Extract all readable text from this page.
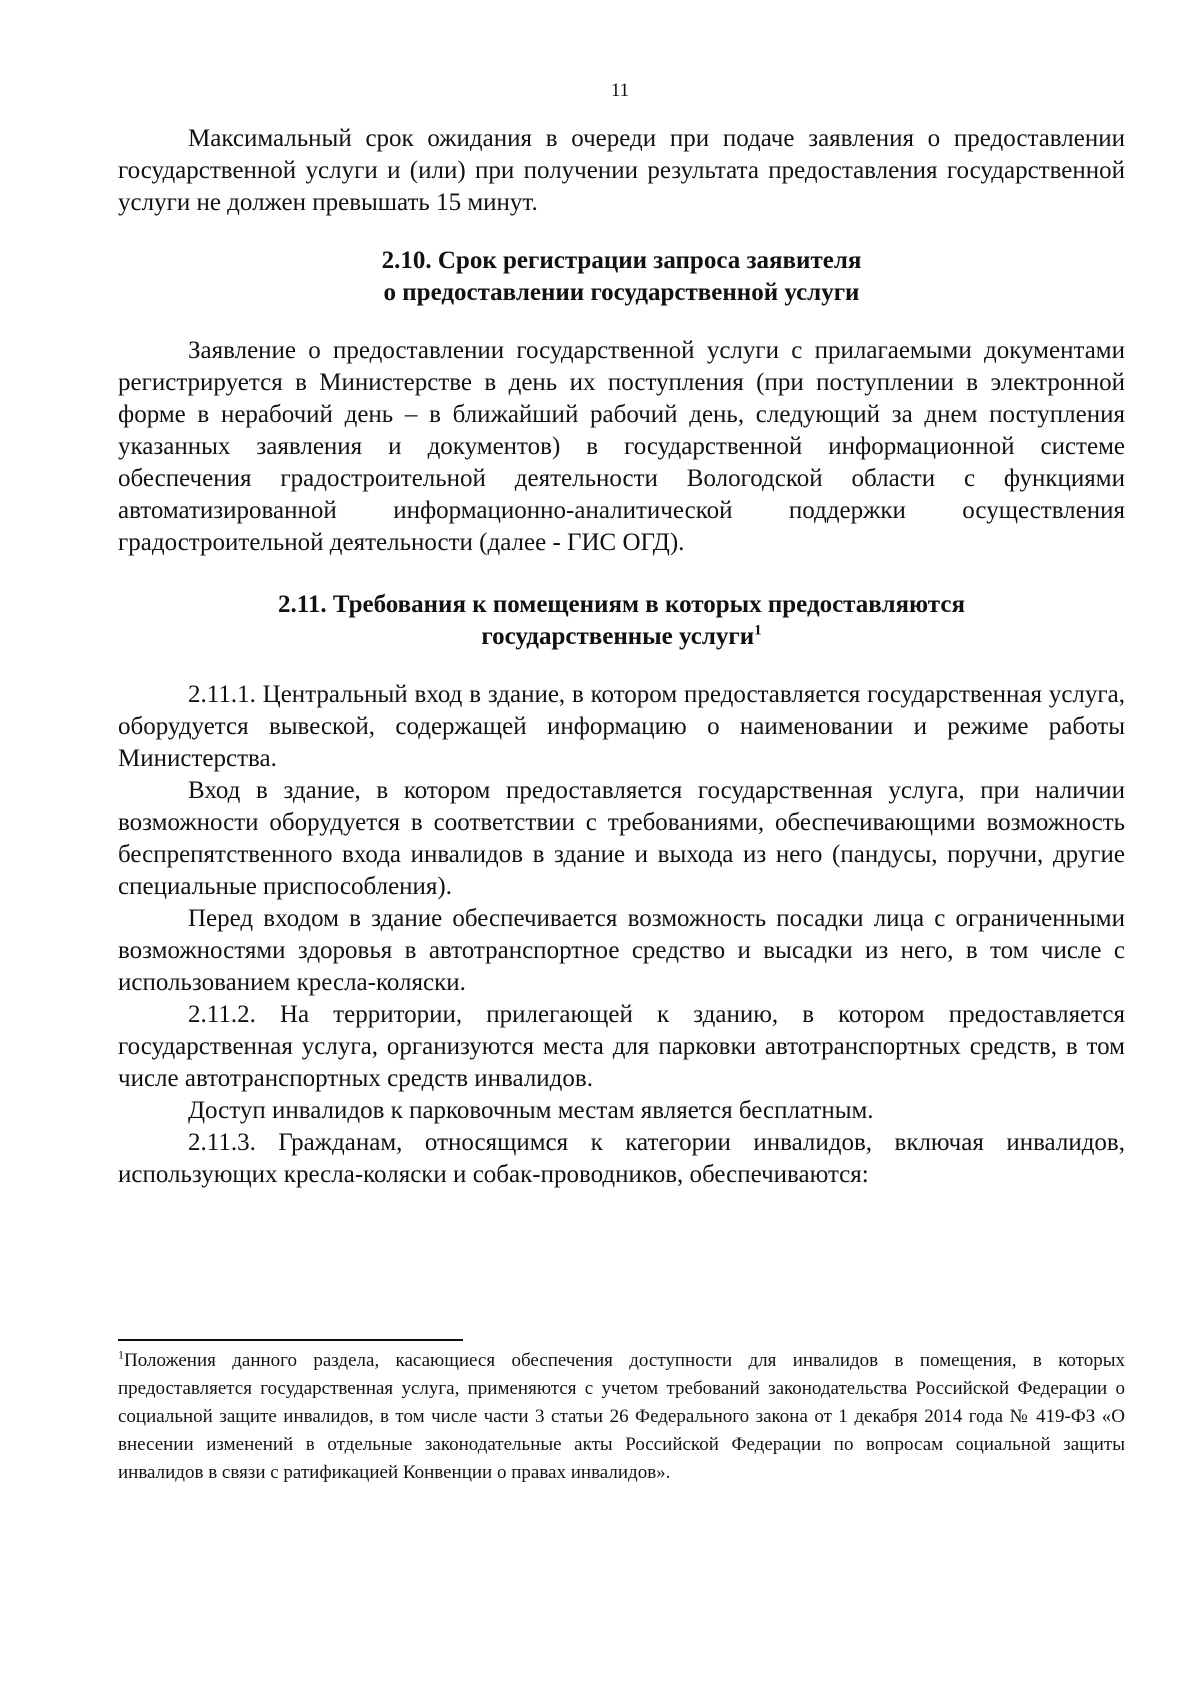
11

Максимальный срок ожидания в очереди при подаче заявления о предоставлении государственной услуги и (или) при получении результата предоставления государственной услуги не должен превышать 15 минут.

2.10. Срок регистрации запроса заявителя
о предоставлении государственной услуги

Заявление о предоставлении государственной услуги с прилагаемыми документами регистрируется в Министерстве в день их поступления (при поступлении в электронной форме в нерабочий день – в ближайший рабочий день, следующий за днем поступления указанных заявления и документов) в государственной информационной системе обеспечения градостроительной деятельности Вологодской области с функциями автоматизированной информационно-аналитической поддержки осуществления градостроительной деятельности (далее - ГИС ОГД).

2.11. Требования к помещениям в которых предоставляются
государственные услуги$^1$

2.11.1. Центральный вход в здание, в котором предоставляется государственная услуга, оборудуется вывеской, содержащей информацию о наименовании и режиме работы Министерства.

Вход в здание, в котором предоставляется государственная услуга, при наличии возможности оборудуется в соответствии с требованиями, обеспечивающими возможность беспрепятственного входа инвалидов в здание и выхода из него (пандусы, поручни, другие специальные приспособления).

Перед входом в здание обеспечивается возможность посадки лица с ограниченными возможностями здоровья в автотранспортное средство и высадки из него, в том числе с использованием кресла-коляски.

2.11.2. На территории, прилегающей к зданию, в котором предоставляется государственная услуга, организуются места для парковки автотранспортных средств, в том числе автотранспортных средств инвалидов.

Доступ инвалидов к парковочным местам является бесплатным.

2.11.3. Гражданам, относящимся к категории инвалидов, включая инвалидов, использующих кресла-коляски и собак-проводников, обеспечиваются:

$^1$Положения данного раздела, касающиеся обеспечения доступности для инвалидов в помещения, в которых предоставляется государственная услуга, применяются с учетом требований законодательства Российской Федерации о социальной защите инвалидов, в том числе части 3 статьи 26 Федерального закона от 1 декабря 2014 года № 419-ФЗ «О внесении изменений в отдельные законодательные акты Российской Федерации по вопросам социальной защиты инвалидов в связи с ратификацией Конвенции о правах инвалидов».
